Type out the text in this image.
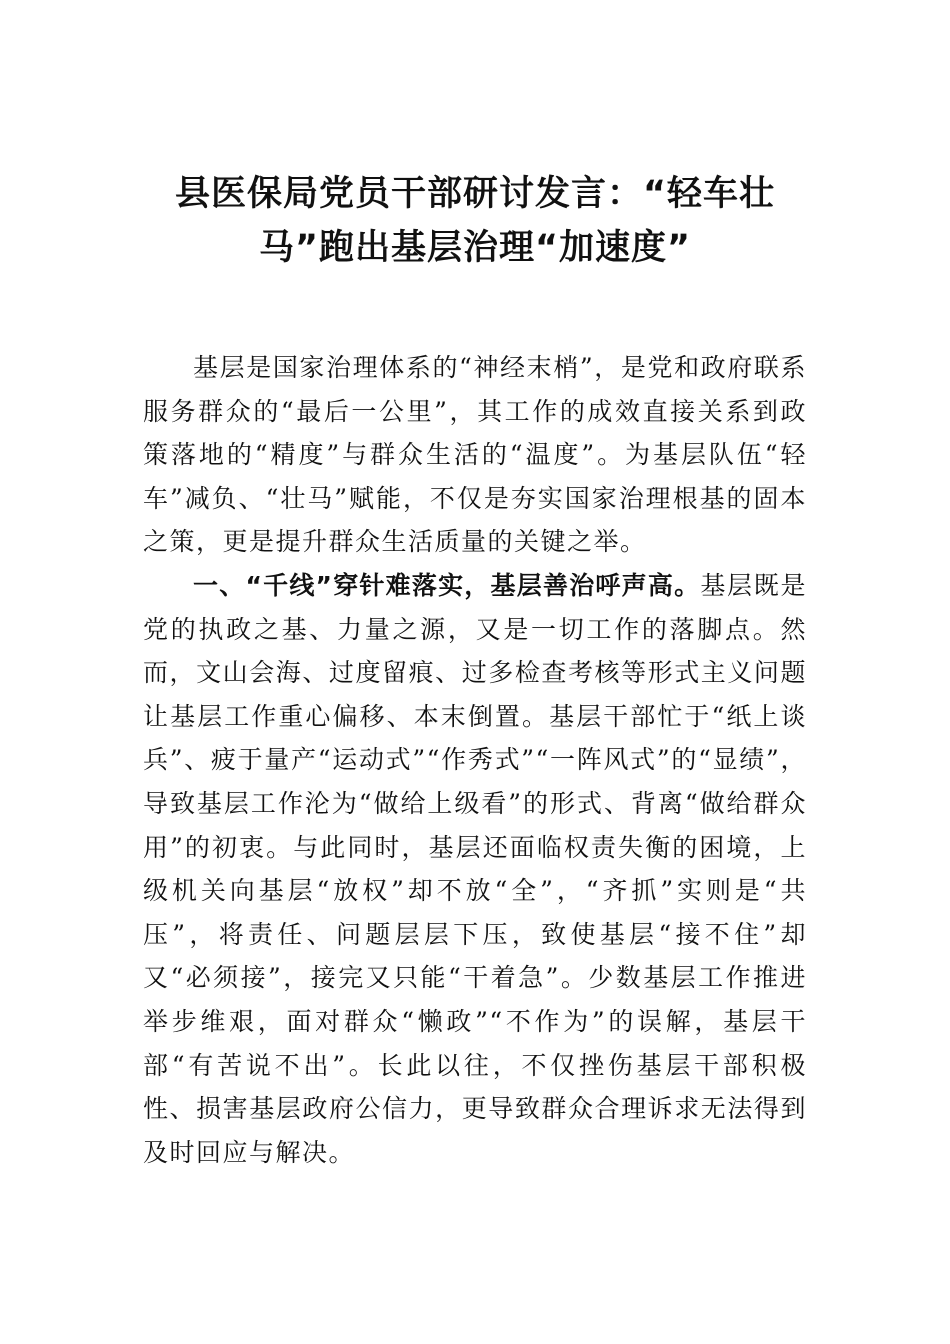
县医保局党员干部研讨发言：“轻车壮
马”跑出基层治理“加速度”

基层是国家治理体系的“神经末梢”，是党和政府联系服务群众的“最后一公里”，其工作的成效直接关系到政策落地的“精度”与群众生活的“温度”。为基层队伍“轻车”减负、“壮马”赋能，不仅是夯实国家治理根基的固本之策，更是提升群众生活质量的关键之举。

一、“千线”穿针难落实，基层善治呼声高。基层既是党的执政之基、力量之源，又是一切工作的落脚点。然而，文山会海、过度留痕、过多检查考核等形式主义问题让基层工作重心偏移、本末倒置。基层干部忙于“纸上谈兵”、疲于量产“运动式”“作秀式”“一阵风式”的“显绩”，导致基层工作沦为“做给上级看”的形式、背离“做给群众用”的初衷。与此同时，基层还面临权责失衡的困境，上级机关向基层“放权”却不放“全”，“齐抓”实则是“共压”，将责任、问题层层下压，致使基层“接不住”却又“必须接”，接完又只能“干着急”。少数基层工作推进举步维艰，面对群众“懒政”“不作为”的误解，基层干部“有苦说不出”。长此以往，不仅挫伤基层干部积极性、损害基层政府公信力，更导致群众合理诉求无法得到及时回应与解决。
